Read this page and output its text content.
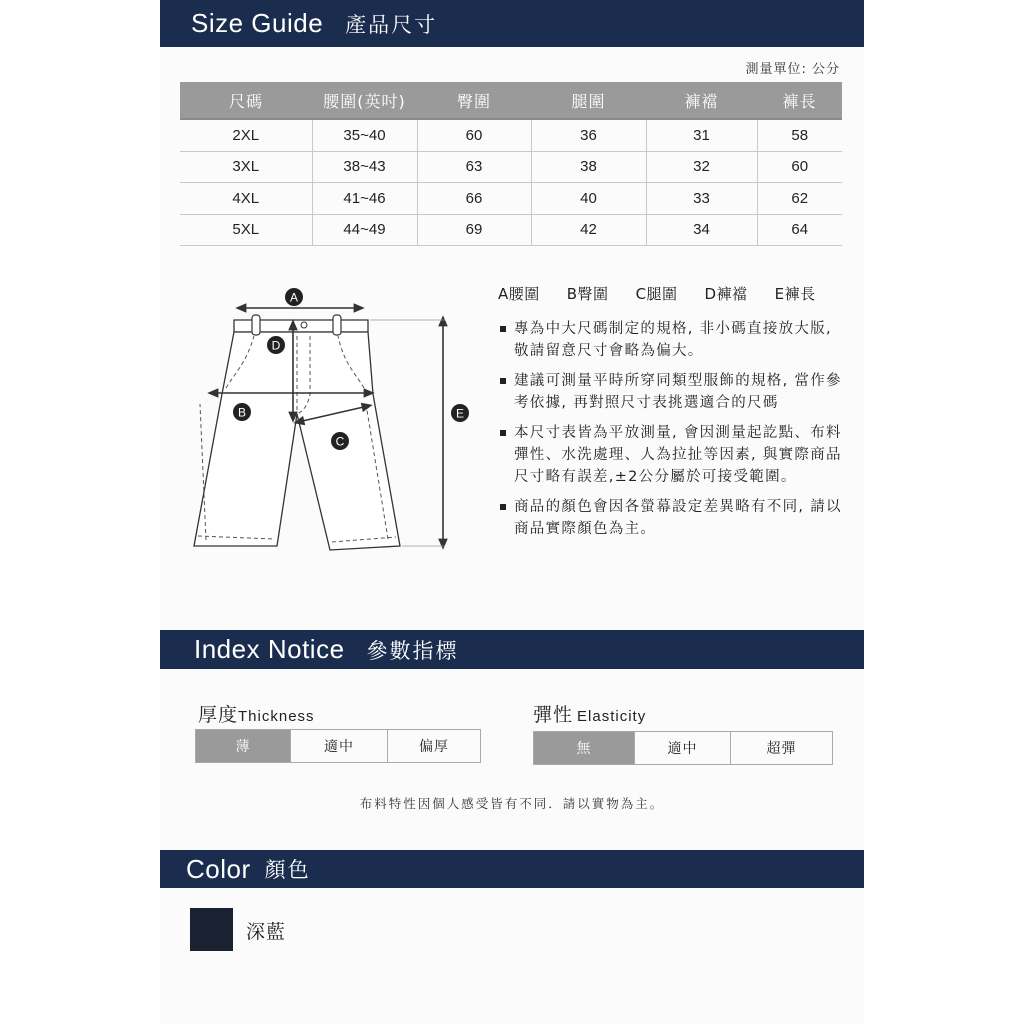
Size Guide 產品尺寸
測量單位: 公分
尺碼	腰圍(英吋)	臀圍	腿圍	褲襠	褲長
2XL	35~40	60	36	31	58
3XL	38~43	63	38	32	60
4XL	41~46	66	40	33	62
5XL	44~49	69	42	34	64
A
D
B
C
E
A腰圍 B臀圍 C腿圍 D褲襠 E褲長
專為中大尺碼制定的規格, 非小碼直接放大版, 敬請留意尺寸會略為偏大。
建議可測量平時所穿同類型服飾的規格, 當作參考依據, 再對照尺寸表挑選適合的尺碼
本尺寸表皆為平放測量, 會因測量起訖點、布料彈性、水洗處理、人為拉扯等因素, 與實際商品尺寸略有誤差,±2公分屬於可接受範圍。
商品的顏色會因各螢幕設定差異略有不同, 請以商品實際顏色為主。
Index Notice 參數指標
厚度Thickness
薄	適中	偏厚
彈性 Elasticity
無	適中	超彈
布料特性因個人感受皆有不同．請以實物為主。
Color 顏色
深藍
